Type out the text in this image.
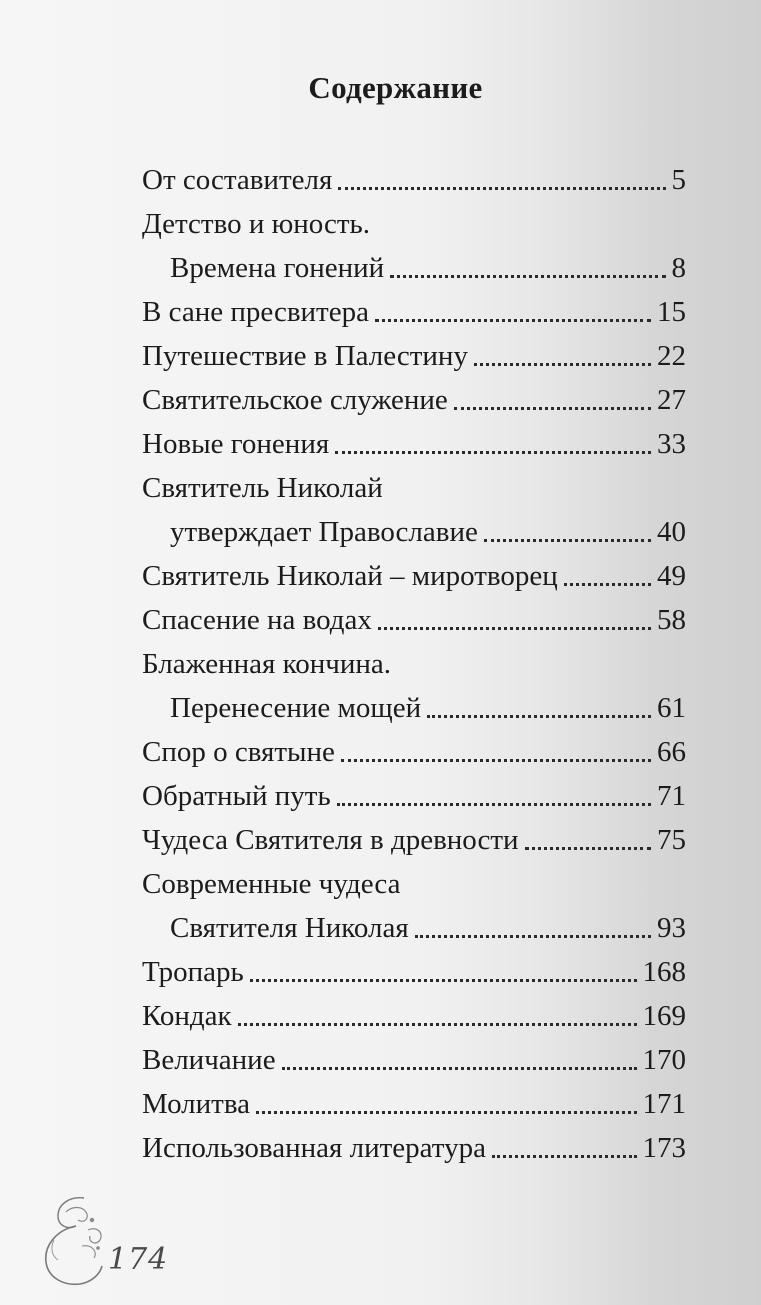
Содержание
От составителя	5
Детство и юность.
Времена гонений	8
В сане пресвитера	15
Путешествие в Палестину	22
Святительское служение	27
Новые гонения	33
Святитель Николай
утверждает Православие	40
Святитель Николай – миротворец	49
Спасение на водах	58
Блаженная кончина.
Перенесение мощей	61
Спор о святыне	66
Обратный путь	71
Чудеса Святителя в древности	75
Современные чудеса
Святителя Николая	93
Тропарь	168
Кондак	169
Величание	170
Молитва	171
Использованная литература	173
174
